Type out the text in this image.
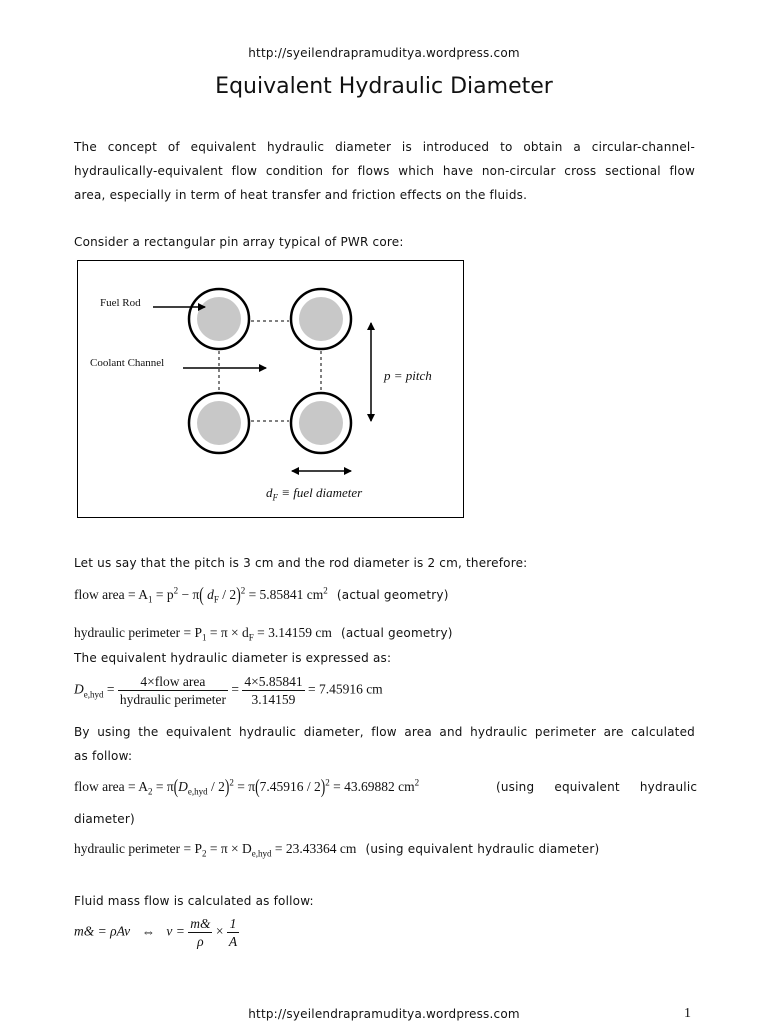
http://syeilendrapramuditya.wordpress.com
Equivalent Hydraulic Diameter
The concept of equivalent hydraulic diameter is introduced to obtain a circular-channel-
hydraulically-equivalent flow condition for flows which have non-circular cross sectional flow
area, especially in term of heat transfer and friction effects on the fluids.
Consider a rectangular pin array typical of PWR core:
Fuel Rod
Coolant Channel
p = pitch
$d_F$ ≡ fuel diameter
Let us say that the pitch is 3 cm and the rod diameter is 2 cm, therefore:
flow area = $A_1 = p^2 - \pi$( $d_F / 2)^2 = 5.85841$ $cm^2$ (actual geometry)
hydraulic perimeter = $P_1 = \pi \times d_F = 3.14159$ cm (actual geometry)
The equivalent hydraulic diameter is expressed as:
$D_{e,hyd} = \frac{\text{4×flow area}}{\text{hydraulic perimeter}} = \frac{4\times 5.85841}{3.14159} = 7.45916$ cm
By using the equivalent hydraulic diameter, flow area and hydraulic perimeter are calculated
as follow:
flow area = $A_2 = \pi(D_{e,hyd} / 2)^2 = \pi(7.45916 / 2)^2 = 43.69882$ $cm^2$	(using     equivalent     hydraulic
diameter)
hydraulic perimeter = $P_2 = \pi \times D_{e,hyd} = 23.43364$ cm (using equivalent hydraulic diameter)
Fluid mass flow is calculated as follow:
m& = ρAv ⇔ $v = \frac{m\&}{\rho} \times \frac{1}{A}$
http://syeilendrapramuditya.wordpress.com	1
